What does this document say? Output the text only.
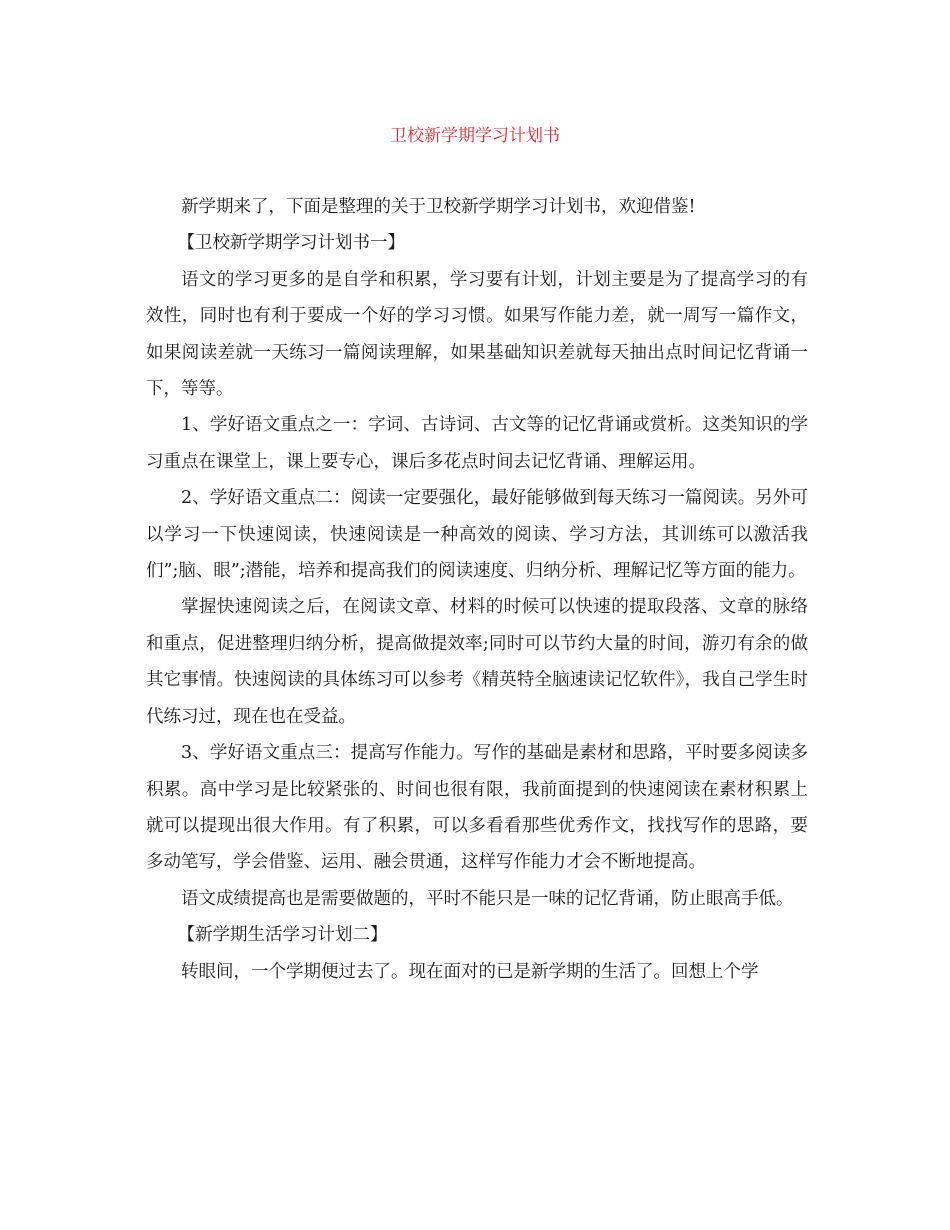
卫校新学期学习计划书

新学期来了，下面是整理的关于卫校新学期学习计划书，欢迎借鉴!

【卫校新学期学习计划书一】

语文的学习更多的是自学和积累，学习要有计划，计划主要是为了提高学习的有效性，同时也有利于要成一个好的学习习惯。如果写作能力差，就一周写一篇作文，如果阅读差就一天练习一篇阅读理解，如果基础知识差就每天抽出点时间记忆背诵一下，等等。

1、学好语文重点之一：字词、古诗词、古文等的记忆背诵或赏析。这类知识的学习重点在课堂上，课上要专心，课后多花点时间去记忆背诵、理解运用。

2、学好语文重点二：阅读一定要强化，最好能够做到每天练习一篇阅读。另外可以学习一下快速阅读，快速阅读是一种高效的阅读、学习方法，其训练可以激活我们”;脑、眼”;潜能，培养和提高我们的阅读速度、归纳分析、理解记忆等方面的能力。

掌握快速阅读之后，在阅读文章、材料的时候可以快速的提取段落、文章的脉络和重点，促进整理归纳分析，提高做提效率;同时可以节约大量的时间，游刃有余的做其它事情。快速阅读的具体练习可以参考《精英特全脑速读记忆软件》，我自己学生时代练习过，现在也在受益。

3、学好语文重点三：提高写作能力。写作的基础是素材和思路，平时要多阅读多积累。高中学习是比较紧张的、时间也很有限，我前面提到的快速阅读在素材积累上就可以提现出很大作用。有了积累，可以多看看那些优秀作文，找找写作的思路，要多动笔写，学会借鉴、运用、融会贯通，这样写作能力才会不断地提高。

语文成绩提高也是需要做题的，平时不能只是一味的记忆背诵，防止眼高手低。

【新学期生活学习计划二】

转眼间，一个学期便过去了。现在面对的已是新学期的生活了。回想上个学
